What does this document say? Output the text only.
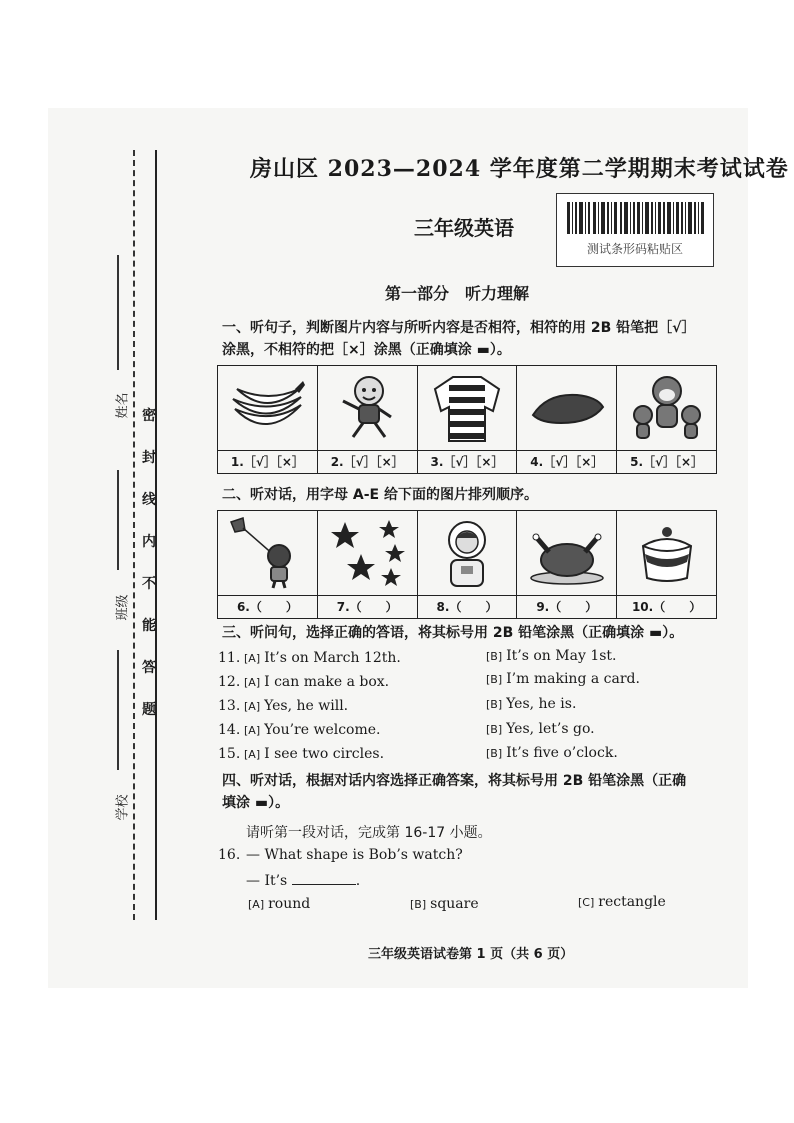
姓名
班级
学校
密
封
线
内
不
能
答
题
房山区 2023—2024 学年度第二学期期末考试试卷
三年级英语
测试条形码粘贴区
第一部分　听力理解
一、听句子，判断图片内容与所听内容是否相符，相符的用 2B 铅笔把［√］
涂黑，不相符的把［×］涂黑（正确填涂 ▬）。
1.［√］［×］	2.［√］［×］	3.［√］［×］	4.［√］［×］	5.［√］［×］
二、听对话，用字母 A-E 给下面的图片排列顺序。
6.（　　）	7.（　　）	8.（　　）	9.（　　）	10.（　　）
三、听问句，选择正确的答语，将其标号用 2B 铅笔涂黑（正确填涂 ▬）。
11. [A] It’s on March 12th.	[B] It’s on May 1st.
12. [A] I can make a box.	[B] I’m making a card.
13. [A] Yes, he will.	[B] Yes, he is.
14. [A] You’re welcome.	[B] Yes, let’s go.
15. [A] I see two circles.	[B] It’s five o’clock.
四、听对话，根据对话内容选择正确答案，将其标号用 2B 铅笔涂黑（正确
填涂 ▬）。
请听第一段对话，完成第 16-17 小题。
16. — What shape is Bob’s watch?
— It’s	.
[A] round	[B] square	[C] rectangle
三年级英语试卷第 1 页（共 6 页）
